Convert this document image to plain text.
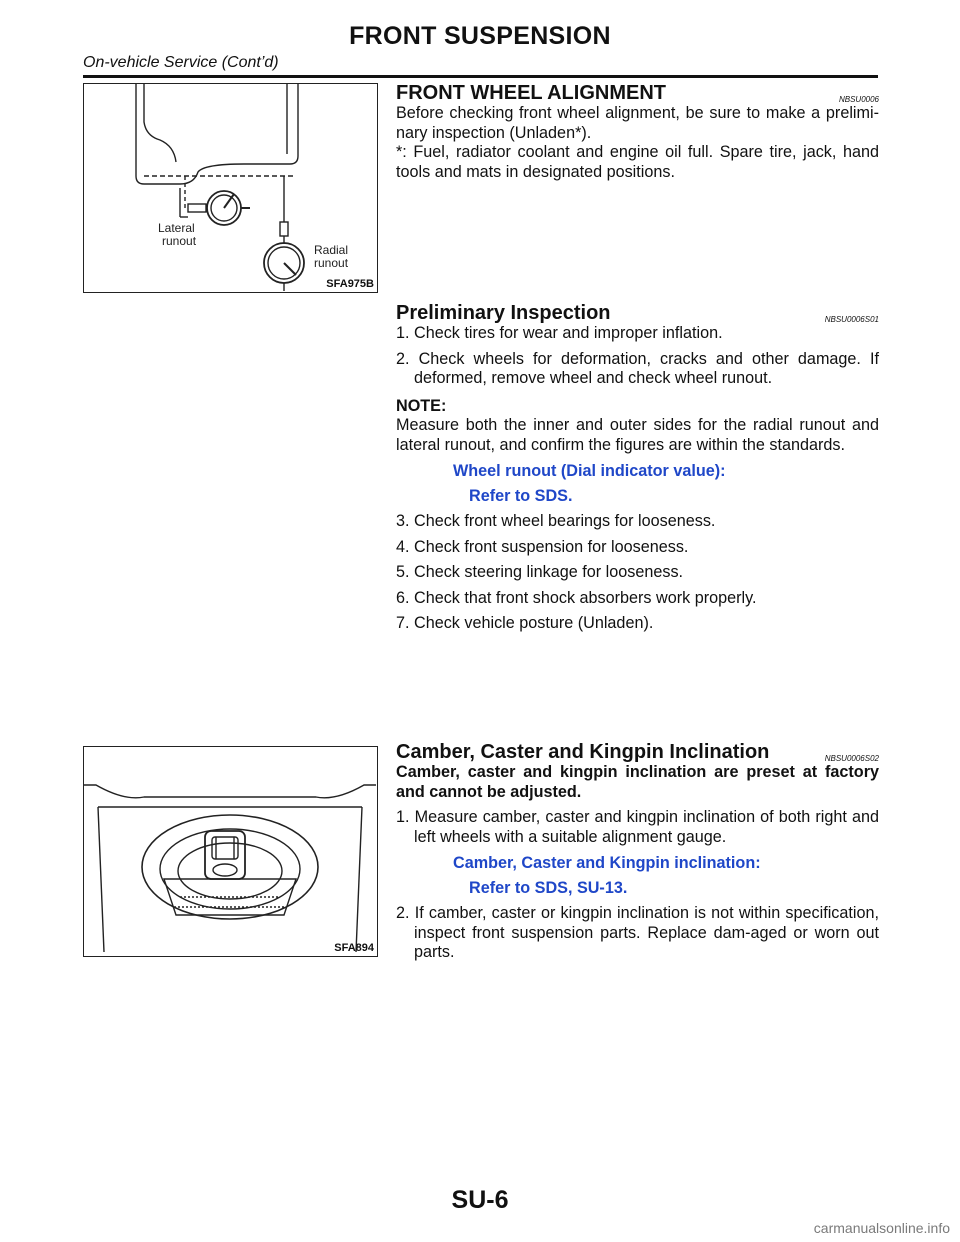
FRONT SUSPENSION
On-vehicle Service (Cont’d)
Lateral
runout
Radial
runout
SFA975B
SFA894
FRONT WHEEL ALIGNMENT	NBSU0006

Before checking front wheel alignment, be sure to make a prelimi-nary inspection (Unladen*).

*: Fuel, radiator coolant and engine oil full. Spare tire, jack, hand tools and mats in designated positions.

Preliminary Inspection	NBSU0006S01
1. Check tires for wear and improper inflation.
2. Check wheels for deformation, cracks and other damage. If deformed, remove wheel and check wheel runout.
NOTE:

Measure both the inner and outer sides for the radial runout and lateral runout, and confirm the figures are within the standards.

Wheel runout (Dial indicator value):
Refer to SDS.
3. Check front wheel bearings for looseness.
4. Check front suspension for looseness.
5. Check steering linkage for looseness.
6. Check that front shock absorbers work properly.
7. Check vehicle posture (Unladen).
Camber, Caster and Kingpin Inclination	NBSU0006S02

Camber, caster and kingpin inclination are preset at factory and cannot be adjusted.

1. Measure camber, caster and kingpin inclination of both right and left wheels with a suitable alignment gauge.
Camber, Caster and Kingpin inclination:
Refer to SDS, SU-13.
2. If camber, caster or kingpin inclination is not within specification, inspect front suspension parts. Replace dam-aged or worn out parts.
SU-6
carmanualsonline.info
